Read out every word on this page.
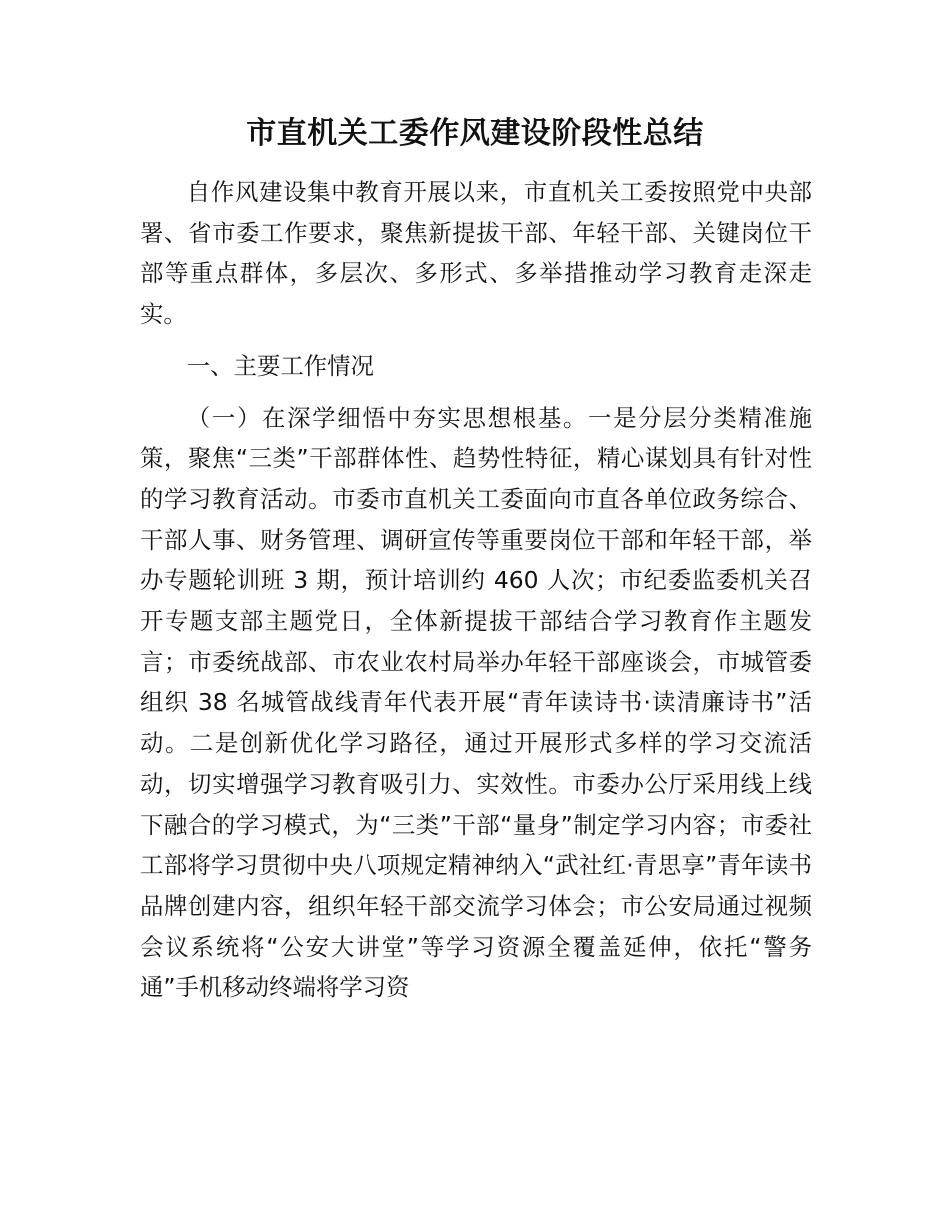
市直机关工委作风建设阶段性总结

自作风建设集中教育开展以来，市直机关工委按照党中央部署、省市委工作要求，聚焦新提拔干部、年轻干部、关键岗位干部等重点群体，多层次、多形式、多举措推动学习教育走深走实。

一、主要工作情况

（一）在深学细悟中夯实思想根基。一是分层分类精准施策，聚焦“三类”干部群体性、趋势性特征，精心谋划具有针对性的学习教育活动。市委市直机关工委面向市直各单位政务综合、干部人事、财务管理、调研宣传等重要岗位干部和年轻干部，举办专题轮训班 3 期，预计培训约 460 人次；市纪委监委机关召开专题支部主题党日，全体新提拔干部结合学习教育作主题发言；市委统战部、市农业农村局举办年轻干部座谈会，市城管委组织 38 名城管战线青年代表开展“青年读诗书·读清廉诗书”活动。二是创新优化学习路径，通过开展形式多样的学习交流活动，切实增强学习教育吸引力、实效性。市委办公厅采用线上线下融合的学习模式，为“三类”干部“量身”制定学习内容；市委社工部将学习贯彻中央八项规定精神纳入“武社红·青思享”青年读书品牌创建内容，组织年轻干部交流学习体会；市公安局通过视频会议系统将“公安大讲堂”等学习资源全覆盖延伸，依托“警务通”手机移动终端将学习资
